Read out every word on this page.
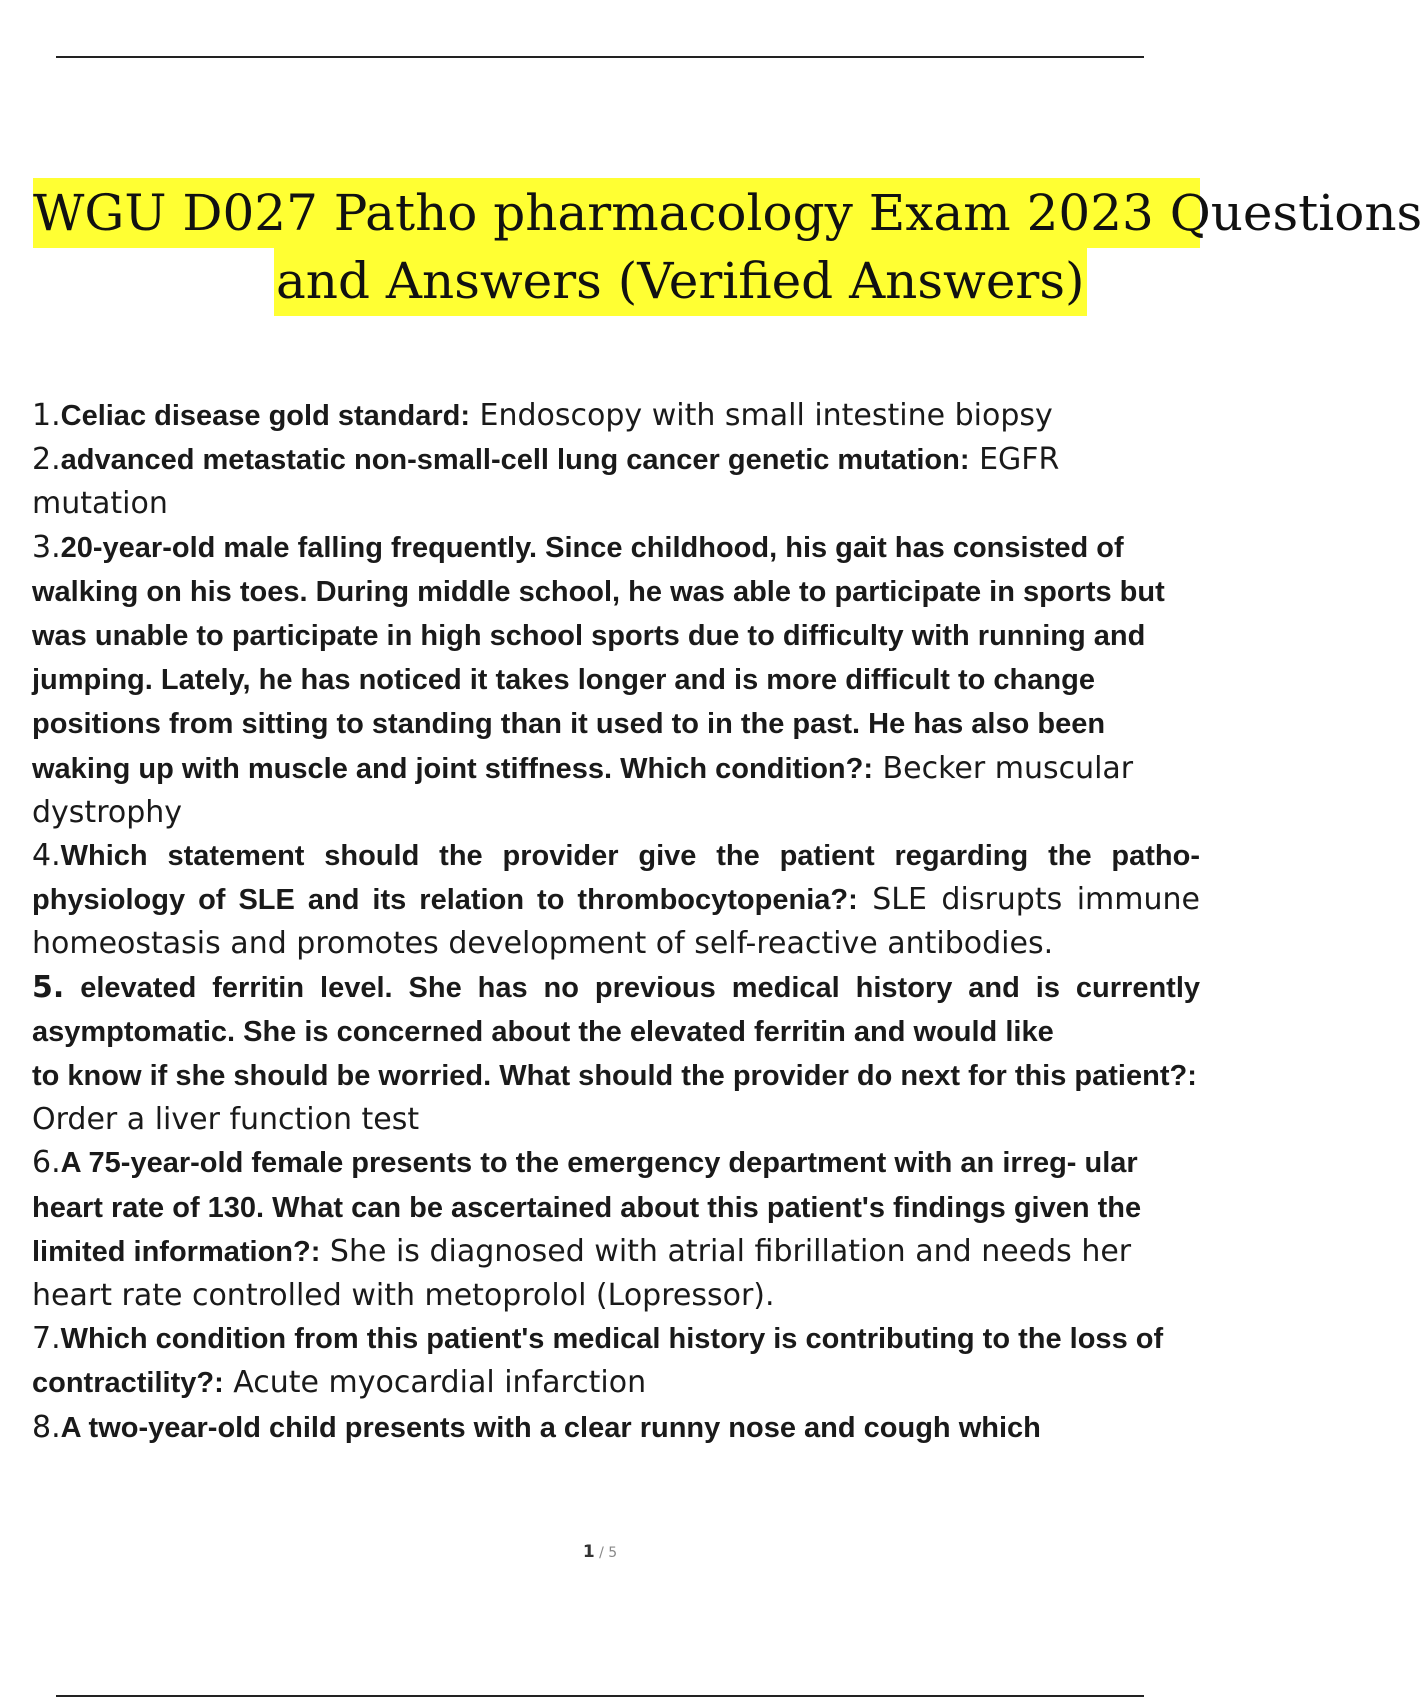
WGU D027 Patho pharmacology Exam 2023 Questions
and Answers (Verified Answers)
1.Celiac disease gold standard: Endoscopy with small intestine biopsy
2.advanced metastatic non-small-cell lung cancer genetic mutation: EGFR mutation
3.20-year-old male falling frequently. Since childhood, his gait has consisted of walking on his toes. During middle school, he was able to participate in sports but was unable to participate in high school sports due to difficulty with running and jumping. Lately, he has noticed it takes longer and is more difficult to change positions from sitting to standing than it used to in the past. He has also been waking up with muscle and joint stiffness. Which condition?: Becker muscular dystrophy
4.Which statement should the provider give the patient regarding the patho- physiology of SLE and its relation to thrombocytopenia?: SLE disrupts immune homeostasis and promotes development of self-reactive antibodies.
5. elevated ferritin level. She has no previous medical history and is currently asymptomatic. She is concerned about the elevated ferritin and would like
to know if she should be worried. What should the provider do next for this patient?: Order a liver function test
6.A 75-year-old female presents to the emergency department with an irreg- ular heart rate of 130. What can be ascertained about this patient's findings given the limited information?: She is diagnosed with atrial fibrillation and needs her heart rate controlled with metoprolol (Lopressor).
7.Which condition from this patient's medical history is contributing to the loss of contractility?: Acute myocardial infarction
8.A two-year-old child presents with a clear runny nose and cough which
1 / 5
